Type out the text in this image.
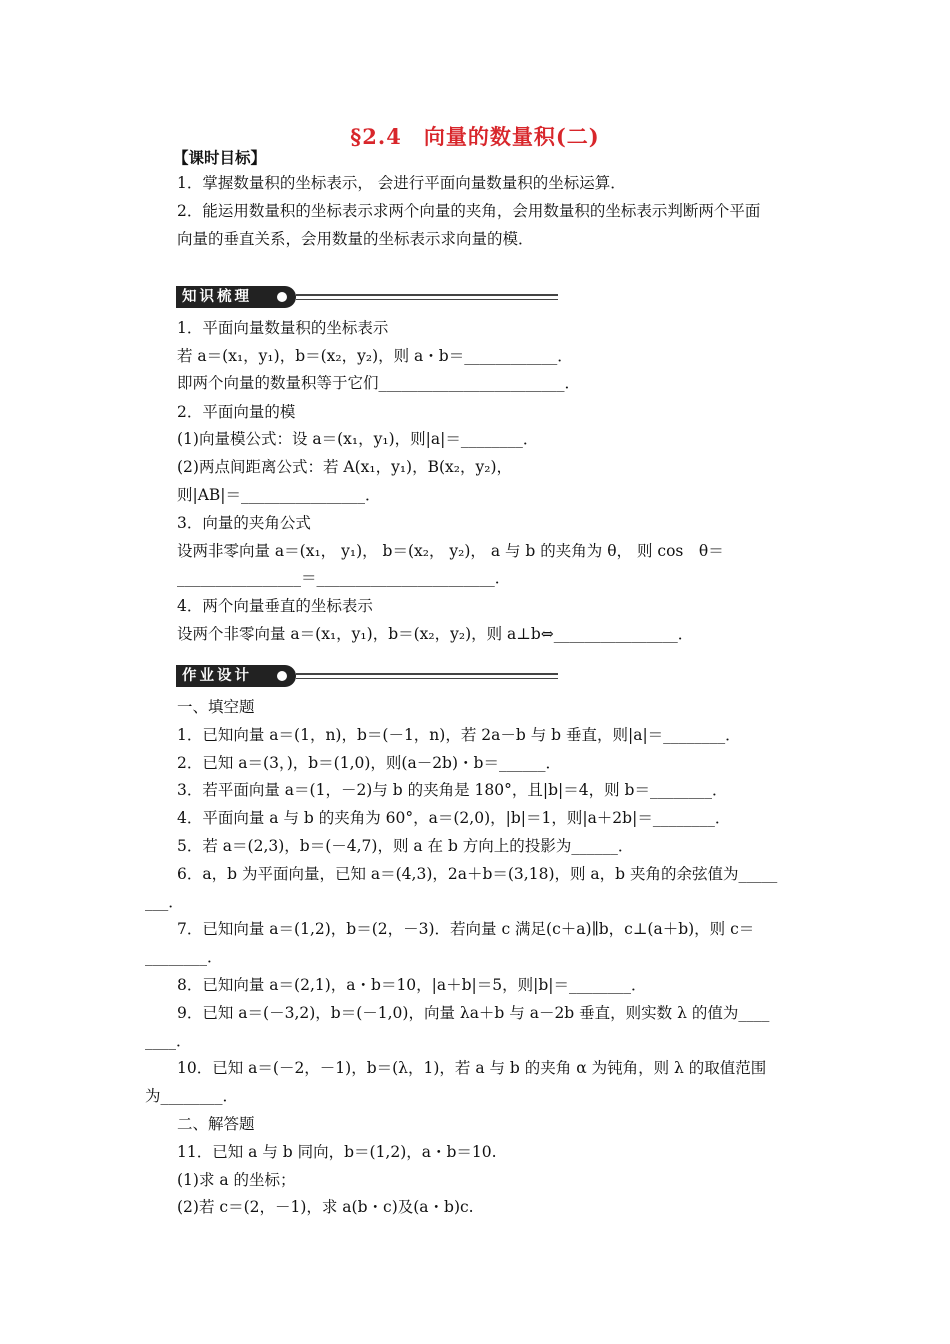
§2.4　向量的数量积(二)
【课时目标】
1．掌握数量积的坐标表示， 会进行平面向量数量积的坐标运算．
2．能运用数量积的坐标表示求两个向量的夹角，会用数量积的坐标表示判断两个平面
向量的垂直关系，会用数量的坐标表示求向量的模．
知识梳理
1．平面向量数量积的坐标表示
若 a＝(x₁，y₁)，b＝(x₂，y₂)，则 a・b＝____________．
即两个向量的数量积等于它们________________________．
2．平面向量的模
(1)向量模公式：设 a＝(x₁，y₁)，则|a|＝________．
(2)两点间距离公式：若 A(x₁，y₁)，B(x₂，y₂)，
则|AB|＝________________．
3．向量的夹角公式
设两非零向量 a＝(x₁， y₁)， b＝(x₂， y₂)， a 与 b 的夹角为 θ， 则 cos　θ＝
________________＝_______________________．
4．两个向量垂直的坐标表示
设两个非零向量 a＝(x₁，y₁)，b＝(x₂，y₂)，则 a⊥b⇔________________．
作业设计
一、填空题
1．已知向量 a＝(1，n)，b＝(－1，n)，若 2a－b 与 b 垂直，则|a|＝________．
2．已知 a＝(3，)，b＝(1,0)，则(a－2b)・b＝______．
3．若平面向量 a＝(1，－2)与 b 的夹角是 180°，且|b|＝4，则 b＝________．
4．平面向量 a 与 b 的夹角为 60°，a＝(2,0)，|b|＝1，则|a＋2b|＝________．
5．若 a＝(2,3)，b＝(－4,7)，则 a 在 b 方向上的投影为______．
6．a，b 为平面向量，已知 a＝(4,3)，2a＋b＝(3,18)，则 a，b 夹角的余弦值为_____
___．
7．已知向量 a＝(1,2)，b＝(2，－3)．若向量 c 满足(c＋a)∥b，c⊥(a＋b)，则 c＝
________．
8．已知向量 a＝(2,1)，a・b＝10，|a＋b|＝5，则|b|＝________．
9．已知 a＝(－3,2)，b＝(－1,0)，向量 λa＋b 与 a－2b 垂直，则实数 λ 的值为____
____．
10．已知 a＝(－2，－1)，b＝(λ，1)，若 a 与 b 的夹角 α 为钝角，则 λ 的取值范围
为________．
二、解答题
11．已知 a 与 b 同向，b＝(1,2)，a・b＝10.
(1)求 a 的坐标；
(2)若 c＝(2，－1)，求 a(b・c)及(a・b)c.
